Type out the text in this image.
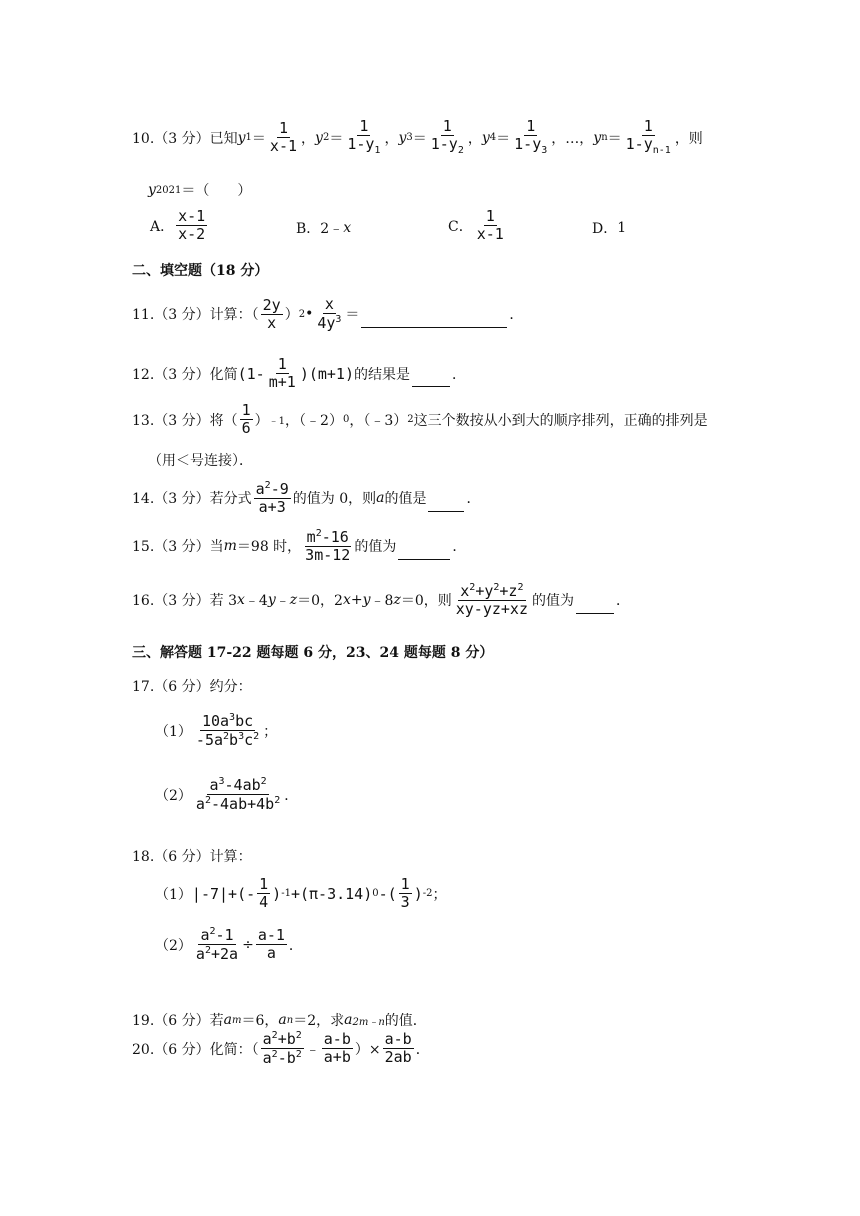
10.（3 分）已知 y $1 = \frac{1}{x-1}$ ， y $2 = \frac{1}{1-y_1}$ ， y $3 = \frac{1}{1-y_2}$ ， y $4 = \frac{1}{1-y_3}$ ，…， y $n = \frac{1}{1-y_{n-1}}$ ，则
y 2021 ＝（　　）
A． $\frac{x-1}{x-2}$	B． 2﹣ x	C． $\frac{1}{x-1}$	D． 1
二、填空题（18 分）
11.（3 分）计算：（ $\frac{2y}{x}$ ） 2 • $\frac{x}{4y^3}$ ＝	．
12.（3 分）化简 $(1- \frac{1}{m+1} )(m+1)$ 的结果是	．
13.（3 分）将（ $\frac{1}{6}$ ） ﹣1 ，（﹣2） 0 ，（﹣3） 2 这三个数按从小到大的顺序排列，正确的排列是
（用＜号连接）．
14.（3 分）若分式 $\frac{a^2-9}{a+3}$ 的值为 0，则 a 的值是	．
15.（3 分）当 m ＝98 时， $\frac{m^2-16}{3m-12}$ 的值为	．
16.（3 分）若 3 x ﹣4 y ﹣ z ＝0，2 x + y ﹣8 z ＝0，则 $\frac{x^2+y^2+z^2}{xy-yz+xz}$ 的值为	．
三、解答题 17-22 题每题 6 分，23、24 题每题 8 分）
17.（6 分）约分：
$(1) \frac{10a^3bc}{-5a^2b^3c^2}$ ；
$(2) \frac{a^3-4ab^2}{a^2-4ab+4b^2}$ ．
18.（6 分）计算：
（1） $|-7|+(- \frac{1}{4}$ ) -1 +(π-3.14) 0 -( $\frac{1}{3}$ ) -2 ；
$(2) \frac{a^2-1}{a^2+2a} \div \frac{a-1}{a}$ ．
19.（6 分）若 a m ＝6， a n ＝2，求 a 2m﹣n 的值．
20.（6 分）化简：（ $\frac{a^2+b^2}{a^2-b^2}$ ﹣ $\frac{a-b}{a+b}$ ）× $\frac{a-b}{2ab}$ ．
